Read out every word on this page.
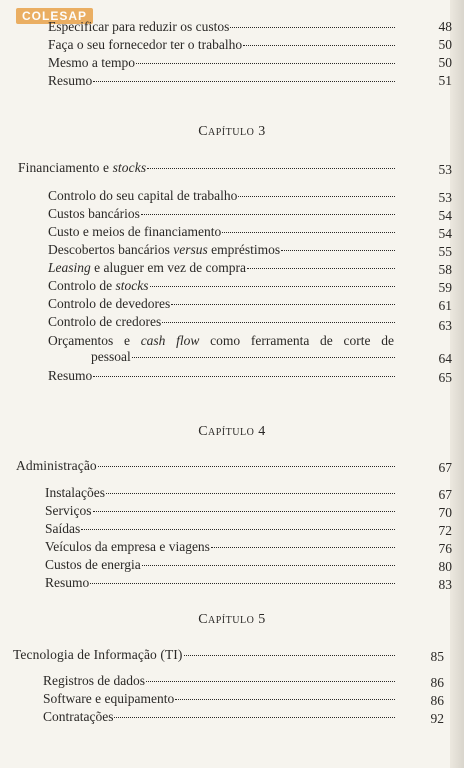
COLESAP
Especificar para reduzir os custos	48
Faça o seu fornecedor ter o trabalho	50
Mesmo a tempo	50
Resumo	51
Capítulo 3
Financiamento e stocks	53
Controlo do seu capital de trabalho	53
Custos bancários	54
Custo e meios de financiamento	54
Descobertos bancários versus empréstimos	55
Leasing e aluguer em vez de compra	58
Controlo de stocks	59
Controlo de devedores	61
Controlo de credores	63
Orçamentos e cash flow como ferramenta de corte de
pessoal	64
Resumo	65
Capítulo 4
Administração	67
Instalações	67
Serviços	70
Saídas	72
Veículos da empresa e viagens	76
Custos de energia	80
Resumo	83
Capítulo 5
Tecnologia de Informação (TI)	85
Registros de dados	86
Software e equipamento	86
Contratações	92
